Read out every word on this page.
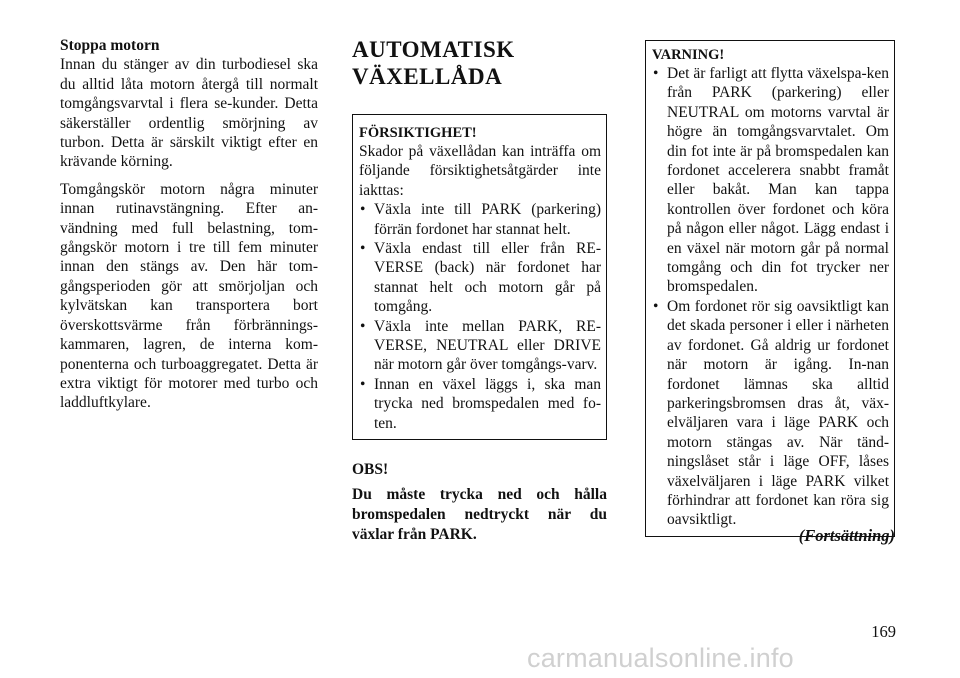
Stoppa motorn

Innan du stänger av din turbodiesel ska du alltid låta motorn återgå till normalt tomgångsvarvtal i flera se-kunder. Detta säkerställer ordentlig smörjning av turbon. Detta är särskilt viktigt efter en krävande körning.

Tomgångskör motorn några minuter innan rutinavstängning. Efter an-vändning med full belastning, tom-gångskör motorn i tre till fem minuter innan den stängs av. Den här tom-gångsperioden gör att smörjoljan och kylvätskan kan transportera bort överskottsvärme från förbrännings-kammaren, lagren, de interna kom-ponenterna och turboaggregatet. Detta är extra viktigt för motorer med turbo och laddluftkylare.

AUTOMATISK
VÄXELLÅDA

FÖRSIKTIGHET!

Skador på växellådan kan inträffa om följande försiktighetsåtgärder inte iakttas:

• Växla inte till PARK (parkering) förrän fordonet har stannat helt.
• Växla endast till eller från RE-VERSE (back) när fordonet har stannat helt och motorn går på tomgång.
• Växla inte mellan PARK, RE-VERSE, NEUTRAL eller DRIVE när motorn går över tomgångs-varv.
• Innan en växel läggs i, ska man trycka ned bromspedalen med fo-ten.

OBS!

Du måste trycka ned och hålla bromspedalen nedtryckt när du växlar från PARK.

VARNING!

• Det är farligt att flytta växelspa-ken från PARK (parkering) eller NEUTRAL om motorns varvtal är högre än tomgångsvarvtalet. Om din fot inte är på bromspedalen kan fordonet accelerera snabbt framåt eller bakåt. Man kan tappa kontrollen över fordonet och köra på någon eller något. Lägg endast i en växel när motorn går på normal tomgång och din fot trycker ner bromspedalen.
• Om fordonet rör sig oavsiktligt kan det skada personer i eller i närheten av fordonet. Gå aldrig ur fordonet när motorn är igång. In-nan fordonet lämnas ska alltid parkeringsbromsen dras åt, väx-elväljaren vara i läge PARK och motorn stängas av. När tänd-ningslåset står i läge OFF, låses växelväljaren i läge PARK vilket förhindrar att fordonet kan röra sig oavsiktligt.
(Fortsättning)
169
carmanualsonline.info
